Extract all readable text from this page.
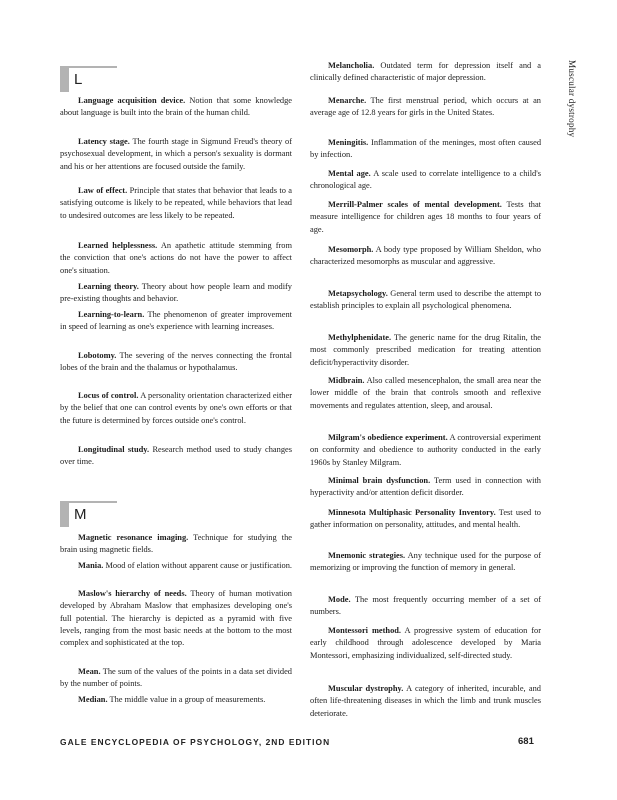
Muscular dystrophy
L

Language acquisition device. Notion that some knowledge about language is built into the brain of the human child.

Latency stage. The fourth stage in Sigmund Freud's theory of psychosexual development, in which a person's sexuality is dormant and his or her attentions are focused outside the family.

Law of effect. Principle that states that behavior that leads to a satisfying outcome is likely to be repeated, while behaviors that lead to undesired outcomes are less likely to be repeated.

Learned helplessness. An apathetic attitude stemming from the conviction that one's actions do not have the power to affect one's situation.

Learning theory. Theory about how people learn and modify pre-existing thoughts and behavior.

Learning-to-learn. The phenomenon of greater improvement in speed of learning as one's experience with learning increases.

Lobotomy. The severing of the nerves connecting the frontal lobes of the brain and the thalamus or hypothalamus.

Locus of control. A personality orientation characterized either by the belief that one can control events by one's own efforts or that the future is determined by forces outside one's control.

Longitudinal study. Research method used to study changes over time.

M

Magnetic resonance imaging. Technique for studying the brain using magnetic fields.

Mania. Mood of elation without apparent cause or justification.

Maslow's hierarchy of needs. Theory of human motivation developed by Abraham Maslow that emphasizes developing one's full potential. The hierarchy is depicted as a pyramid with five levels, ranging from the most basic needs at the bottom to the most complex and sophisticated at the top.

Mean. The sum of the values of the points in a data set divided by the number of points.

Median. The middle value in a group of measurements.

Melancholia. Outdated term for depression itself and a clinically defined characteristic of major depression.

Menarche. The first menstrual period, which occurs at an average age of 12.8 years for girls in the United States.

Meningitis. Inflammation of the meninges, most often caused by infection.

Mental age. A scale used to correlate intelligence to a child's chronological age.

Merrill-Palmer scales of mental development. Tests that measure intelligence for children ages 18 months to four years of age.

Mesomorph. A body type proposed by William Sheldon, who characterized mesomorphs as muscular and aggressive.

Metapsychology. General term used to describe the attempt to establish principles to explain all psychological phenomena.

Methylphenidate. The generic name for the drug Ritalin, the most commonly prescribed medication for treating attention deficit/hyperactivity disorder.

Midbrain. Also called mesencephalon, the small area near the lower middle of the brain that controls smooth and reflexive movements and regulates attention, sleep, and arousal.

Milgram's obedience experiment. A controversial experiment on conformity and obedience to authority conducted in the early 1960s by Stanley Milgram.

Minimal brain dysfunction. Term used in connection with hyperactivity and/or attention deficit disorder.

Minnesota Multiphasic Personality Inventory. Test used to gather information on personality, attitudes, and mental health.

Mnemonic strategies. Any technique used for the purpose of memorizing or improving the function of memory in general.

Mode. The most frequently occurring member of a set of numbers.

Montessori method. A progressive system of education for early childhood through adolescence developed by Maria Montessori, emphasizing individualized, self-directed study.

Muscular dystrophy. A category of inherited, incurable, and often life-threatening diseases in which the limb and trunk muscles deteriorate.

GALE ENCYCLOPEDIA OF PSYCHOLOGY, 2ND EDITION	681
